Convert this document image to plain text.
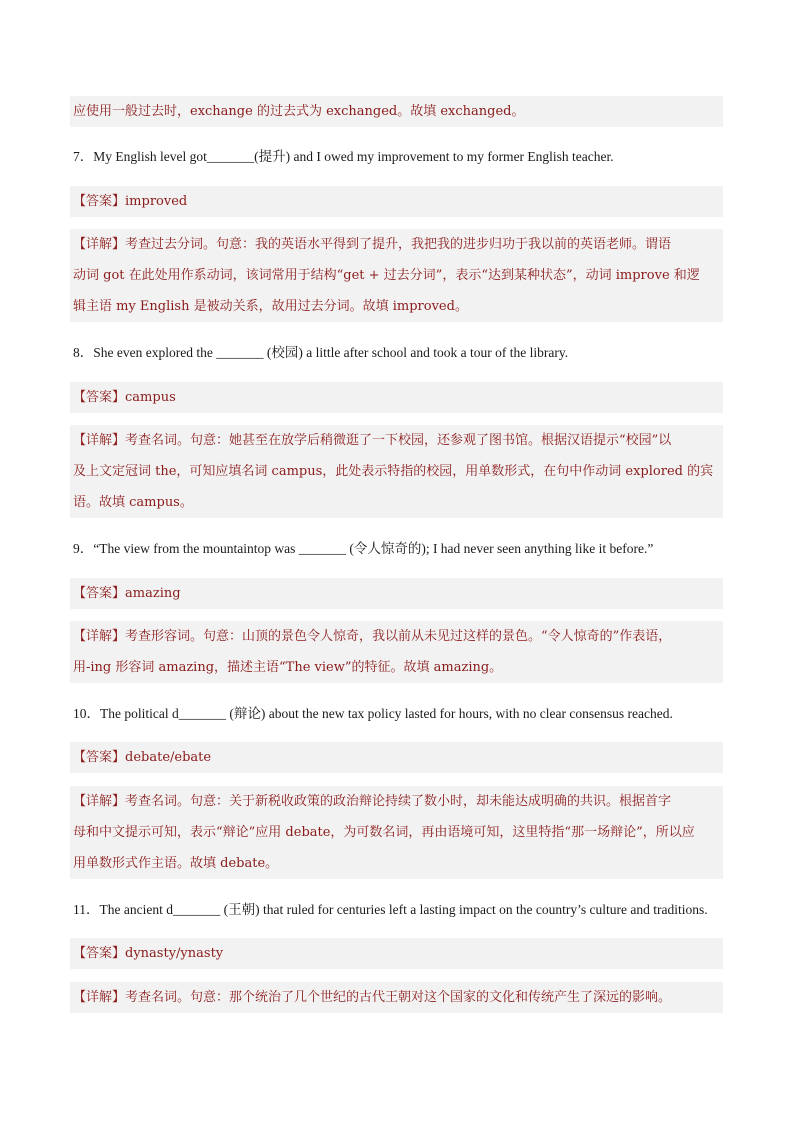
应使用一般过去时，exchange 的过去式为 exchanged。故填 exchanged。
7．My English level got_______(提升) and I owed my improvement to my former English teacher.
【答案】improved
【详解】考查过去分词。句意：我的英语水平得到了提升，我把我的进步归功于我以前的英语老师。谓语
动词 got 在此处用作系动词，该词常用于结构“get + 过去分词”，表示“达到某种状态”，动词 improve 和逻
辑主语 my English 是被动关系，故用过去分词。故填 improved。
8．She even explored the _______ (校园) a little after school and took a tour of the library.
【答案】campus
【详解】考查名词。句意：她甚至在放学后稍微逛了一下校园，还参观了图书馆。根据汉语提示“校园”以
及上文定冠词 the，可知应填名词 campus，此处表示特指的校园，用单数形式，在句中作动词 explored 的宾
语。故填 campus。
9．“The view from the mountaintop was _______ (令人惊奇的); I had never seen anything like it before.”
【答案】amazing
【详解】考查形容词。句意：山顶的景色令人惊奇，我以前从未见过这样的景色。“令人惊奇的”作表语，
用-ing 形容词 amazing，描述主语“The view”的特征。故填 amazing。
10．The political d_______ (辩论) about the new tax policy lasted for hours, with no clear consensus reached.
【答案】debate/ebate
【详解】考查名词。句意：关于新税收政策的政治辩论持续了数小时，却未能达成明确的共识。根据首字
母和中文提示可知，表示“辩论”应用 debate，为可数名词，再由语境可知，这里特指“那一场辩论”，所以应
用单数形式作主语。故填 debate。
11．The ancient d_______ (王朝) that ruled for centuries left a lasting impact on the country’s culture and traditions.
【答案】dynasty/ynasty
【详解】考查名词。句意：那个统治了几个世纪的古代王朝对这个国家的文化和传统产生了深远的影响。
